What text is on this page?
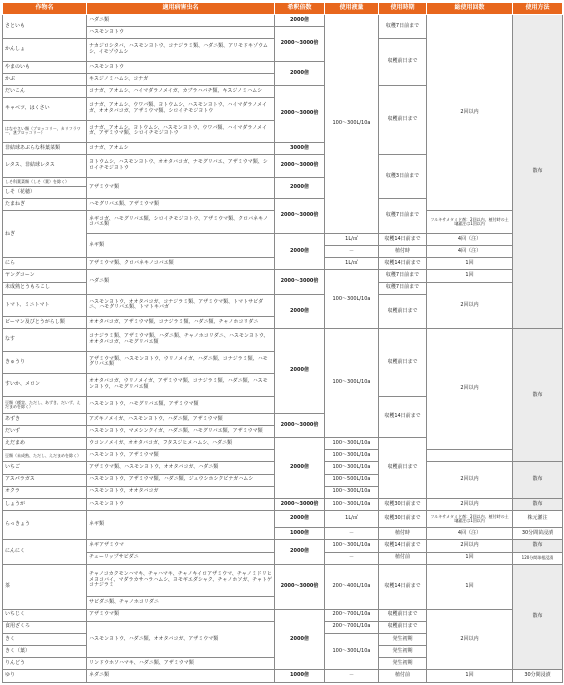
作物名	適用病害虫名	希釈倍数	使用液量	使用時期	総使用回数	使用方法
さといも	ハダニ類	2000倍	100～300L/10a	収穫7日前まで	2回以内	散布
	ハスモンヨトウ	2000～3000倍				
かんしょ	ナカジロシタバ、ハスモンヨトウ、コナジラミ類、ハダニ類、アリモドキゾウムシ、イモゾウムシ			収穫前日まで		
やまのいも	ハスモンヨトウ	2000倍				
かぶ	キスジノミハムシ、コナガ					
だいこん	コナガ、アオムシ、ハイマダラノメイガ、カブラハバチ類、キスジノミハムシ	2000～3000倍		収穫前日まで		
キャベツ、はくさい	コナガ、アオムシ、ウワバ類、ヨトウムシ、ハスモンヨトウ、ハイマダラノメイガ、オオタバコガ、アザミウマ類、シロイチモジヨトウ					
はなやさい類（ブロッコリー、カリフラワー、茎ブロッコリー）	コナガ、アオムシ、ヨトウムシ、ハスモンヨトウ、ウワバ類、ハイマダラノメイガ、アザミウマ類、シロイチモジヨトウ					
非結球あぶらな科葉菜類	コナガ、アオムシ	3000倍				
レタス、非結球レタス	ヨトウムシ、ハスモンヨトウ、オオタバコガ、ナモグリバエ、アザミウマ類、シロイチモジヨトウ	2000～3000倍		収穫3日前まで		
しそ科葉菜類（しそ（葉）を除く）	アザミウマ類	2000倍				
しそ（花穂）						
たまねぎ	ハモグリバエ類、アザミウマ類	2000～3000倍		収穫7日前まで		
ねぎ	ネギコガ、ハモグリバエ類、シロイチモジヨトウ、アザミウマ類、クロバネキノコバエ類				フルキサメタミド剤：2回以内、植付時の土壌灌注は1回以内	
	ネギ類	2000倍	1L/㎡	収穫14日前まで	4回（注）	
			－	植付時	4回（注）	
にら	アザミウマ類、クロバネキノコバエ類		1L/㎡	収穫14日前まで	1回	
ヤングコーン	ハダニ類	2000～3000倍	100～300L/10a	収穫7日前まで	1回	
未成熟とうもろこし				収穫7日前まで	2回以内	
トマト、ミニトマト	ハスモンヨトウ、オオタバコガ、コナジラミ類、アザミウマ類、トマトサビダニ、ハモグリバエ類、トマトキバガ	2000倍		収穫前日まで		
ピーマン及びとうがらし類	オオタバコガ、アザミウマ類、コナジラミ類、ハダニ類、チャノホコリダニ					
なす	コナジラミ類、アザミウマ類、ハダニ類、チャノホコリダニ、ハスモンヨトウ、オオタバコガ、ハモグリバエ類	2000倍	100～300L/10a	収穫前日まで	2回以内	散布
きゅうり	アザミウマ類、ハスモンヨトウ、ウリノメイガ、ハダニ類、コナジラミ類、ハモグリバエ類					
すいか、メロン	オオタバコガ、ウリノメイガ、アザミウマ類、コナジラミ類、ハダニ類、ハスモンヨトウ、ハモグリバエ類					
豆類（種実、ただし、あずき、だいず、えだまめを除く）	ハスモンヨトウ、ハモグリバエ類、アザミウマ類			収穫14日前まで		
あずき	アズキノメイガ、ハスモンヨトウ、ハダニ類、アザミウマ類	2000～3000倍				
だいず	ハスモンヨトウ、マメシンクイガ、ハダニ類、ハモグリバエ類、アザミウマ類					
えだまめ	ウコンノメイガ、オオタバコガ、フタスジヒメハムシ、ハダニ類	2000倍	100～300L/10a	収穫前日まで		
豆類（未成熟、ただし、えだまめを除く）	ハスモンヨトウ、アザミウマ類		100～300L/10a			
いちご	アザミウマ類、ハスモンヨトウ、オオタバコガ、ハダニ類		100～300L/10a		2回以内	散布
アスパラガス	ハスモンヨトウ、アザミウマ類、ハダニ類、ジュウシホシクビナガハムシ		100～500L/10a			
オクラ	ハスモンヨトウ、オオタバコガ		100～300L/10a			
しょうが	ハスモンヨトウ	2000～3000倍	100～300L/10a	収穫30日前まで	2回以内	散布
らっきょう	ネギ類	2000倍	1L/㎡	収穫30日前まで	フルキサメタミド剤：2回以内、植付時の土壌灌注は1回以内	株元灌注
		1000倍	－	植付時	4回（注）	30分間苗浸漬
にんにく	ネギアザミウマ	2000倍	100～300L/10a	収穫14日前まで	2回以内	散布
	チューリップサビダニ		－	植付前	1回	120分間球根浸漬
茶	チャノコカクモンハマキ、チャハマキ、チャノキイロアザミウマ、チャノミドリヒメヨコバイ、マダラカサハラハムシ、ヨモギエダシャク、チャノホソガ、チャトゲコナジラミ	2000～3000倍	200～400L/10a	収穫14日前まで	1回	散布
	サビダニ類、チャノホコリダニ					
いちじく	アザミウマ類	2000倍	200～700L/10a	収穫前日まで	2回以内	
食用ざくろ	ハスモンヨトウ、ハダニ類、オオタバコガ、アザミウマ類		200～700L/10a	収穫前日まで		
きく			100～300L/10a	発生初期		
きく（葉）				発生初期		
りんどう	リンドウホソハマキ、ハダニ類、アザミウマ類			発生初期		
ゆり	ネダニ類	1000倍	－	植付前	1回	30分間浸漬
